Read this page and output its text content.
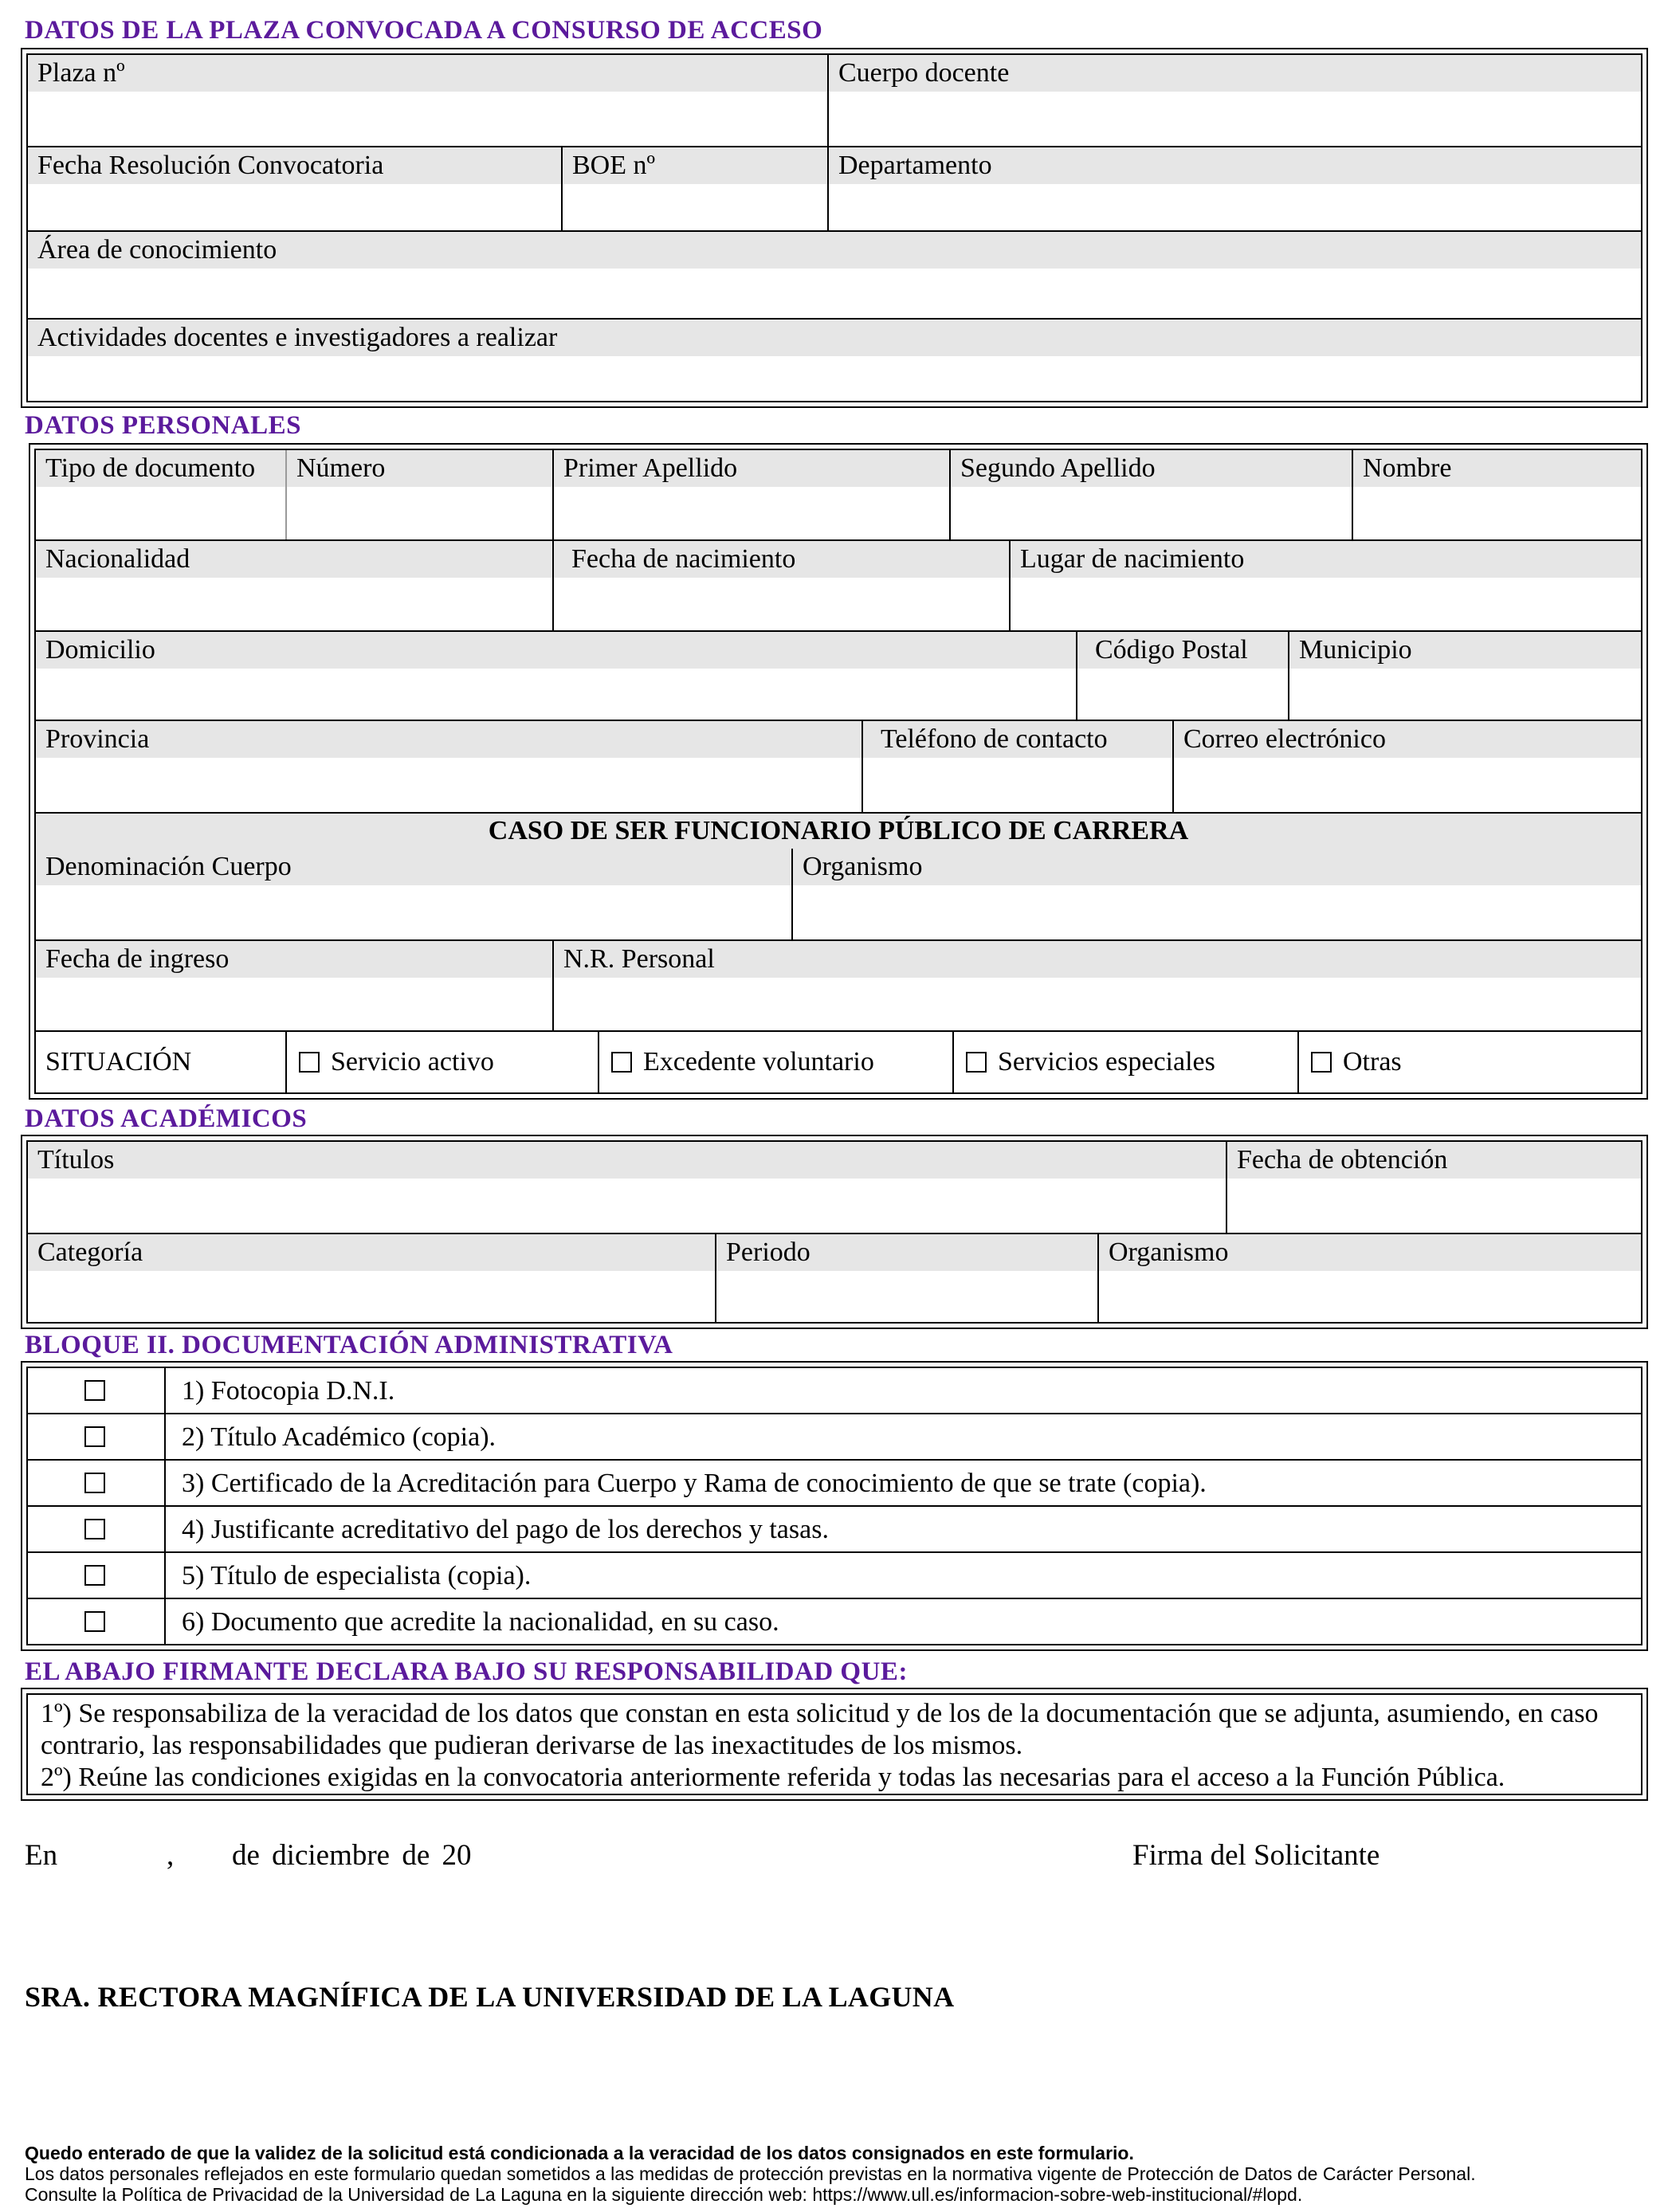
DATOS DE LA PLAZA CONVOCADA A CONSURSO DE ACCESO
Plaza nº	Cuerpo docente
Fecha Resolución Convocatoria	BOE nº	Departamento
Área de conocimiento
Actividades docentes e investigadores a realizar
DATOS PERSONALES
Tipo de documento	Número	Primer Apellido	Segundo Apellido	Nombre
Nacionalidad	Fecha de nacimiento	Lugar de nacimiento
Domicilio	Código Postal	Municipio
Provincia	Teléfono de contacto	Correo electrónico
CASO DE SER FUNCIONARIO PÚBLICO DE CARRERA
Denominación Cuerpo	Organismo
Fecha de ingreso	N.R. Personal
SITUACIÓN	Servicio activo	Excedente voluntario	Servicios especiales	Otras
DATOS ACADÉMICOS
Títulos	Fecha de obtención
Categoría	Periodo	Organismo
BLOQUE II. DOCUMENTACIÓN ADMINISTRATIVA
1) Fotocopia D.N.I.
2) Título Académico (copia).
3) Certificado de la Acreditación para Cuerpo y Rama de conocimiento de que se trate (copia).
4) Justificante acreditativo del pago de los derechos y tasas.
5) Título de especialista (copia).
6) Documento que acredite la nacionalidad, en su caso.
EL ABAJO FIRMANTE DECLARA BAJO SU RESPONSABILIDAD QUE:
1º) Se responsabiliza de la veracidad de los datos que constan en esta solicitud y de los de la documentación que se adjunta, asumiendo, en caso contrario, las responsabilidades que pudieran derivarse de las inexactitudes de los mismos.
2º) Reúne las condiciones exigidas en la convocatoria anteriormente referida y todas las necesarias para el acceso a la Función Pública.
En	, de diciembre de 20	Firma del Solicitante
SRA. RECTORA MAGNÍFICA DE LA UNIVERSIDAD DE LA LAGUNA
Quedo enterado de que la validez de la solicitud está condicionada a la veracidad de los datos consignados en este formulario.
Los datos personales reflejados en este formulario quedan sometidos a las medidas de protección previstas en la normativa vigente de Protección de Datos de Carácter Personal.
Consulte la Política de Privacidad de la Universidad de La Laguna en la siguiente dirección web: https://www.ull.es/informacion-sobre-web-institucional/#lopd.
